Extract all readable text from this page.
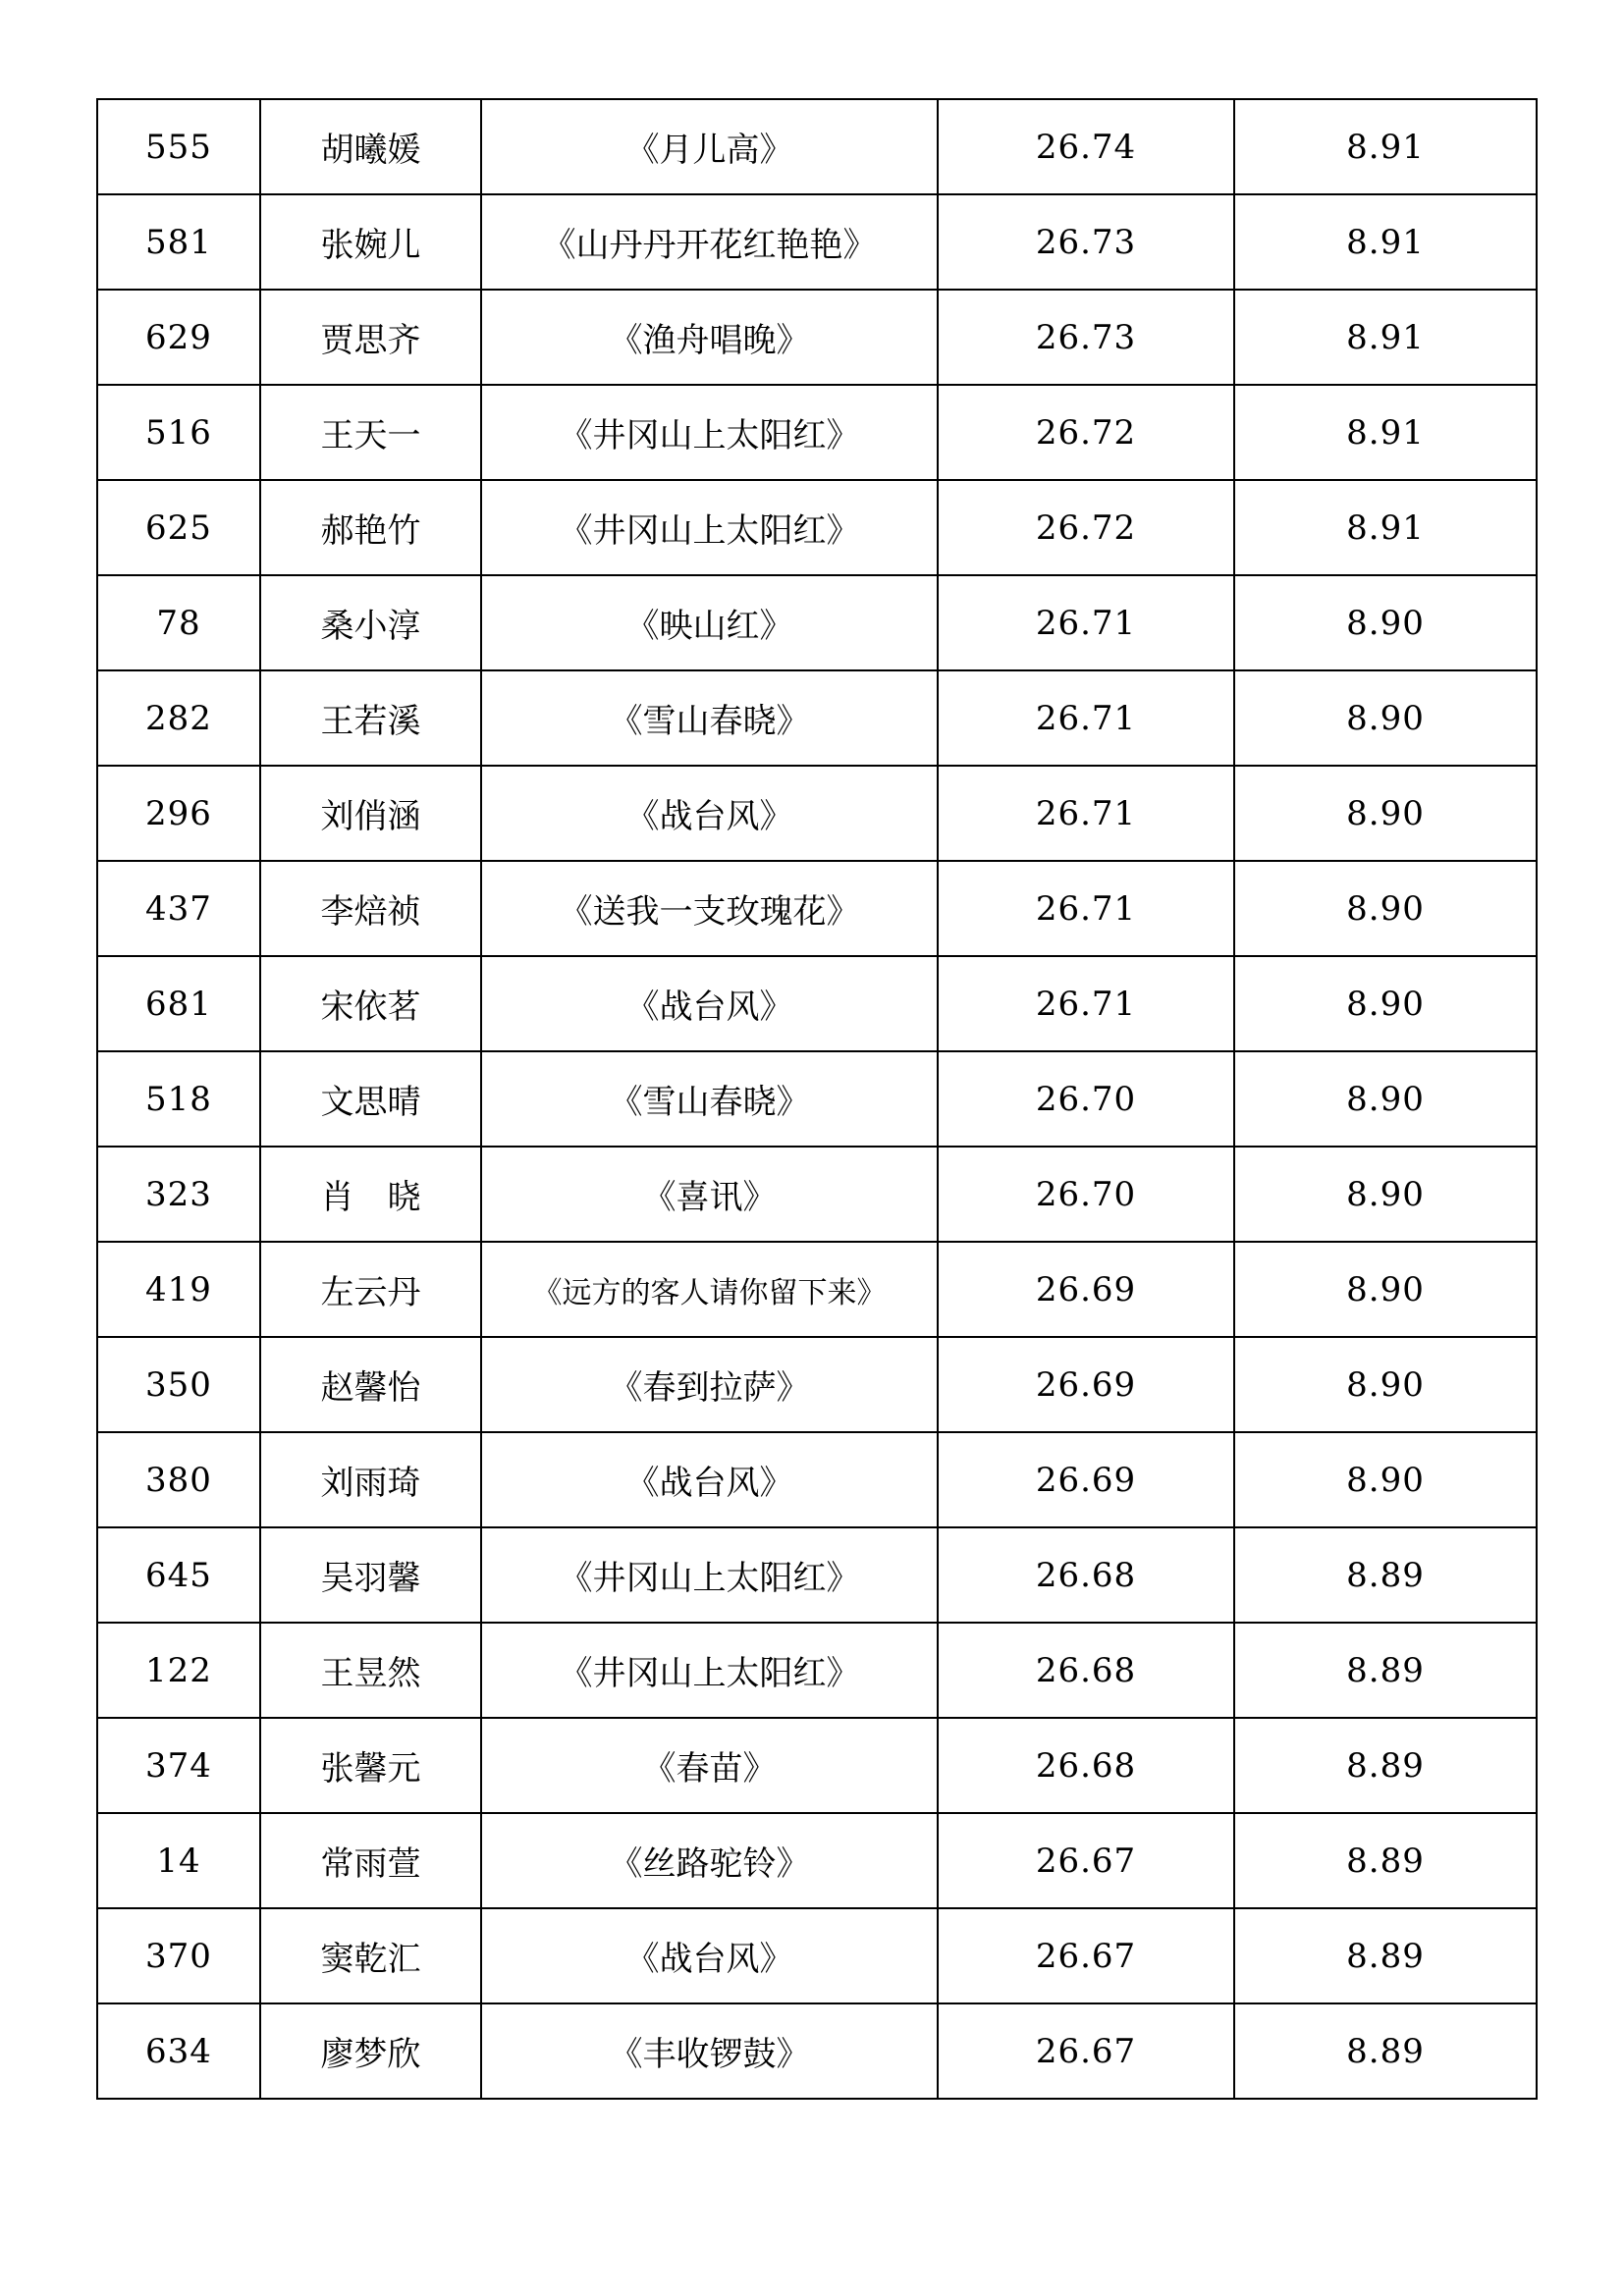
555	胡曦媛	《月儿高》	26.74	8.91
581	张婉儿	《山丹丹开花红艳艳》	26.73	8.91
629	贾思齐	《渔舟唱晚》	26.73	8.91
516	王天一	《井冈山上太阳红》	26.72	8.91
625	郝艳竹	《井冈山上太阳红》	26.72	8.91
78	桑小淳	《映山红》	26.71	8.90
282	王若溪	《雪山春晓》	26.71	8.90
296	刘俏涵	《战台风》	26.71	8.90
437	李焙祯	《送我一支玫瑰花》	26.71	8.90
681	宋依茗	《战台风》	26.71	8.90
518	文思晴	《雪山春晓》	26.70	8.90
323	肖　晓	《喜讯》	26.70	8.90
419	左云丹	《远方的客人请你留下来》	26.69	8.90
350	赵馨怡	《春到拉萨》	26.69	8.90
380	刘雨琦	《战台风》	26.69	8.90
645	吴羽馨	《井冈山上太阳红》	26.68	8.89
122	王昱然	《井冈山上太阳红》	26.68	8.89
374	张馨元	《春苗》	26.68	8.89
14	常雨萱	《丝路驼铃》	26.67	8.89
370	窦乾汇	《战台风》	26.67	8.89
634	廖梦欣	《丰收锣鼓》	26.67	8.89
